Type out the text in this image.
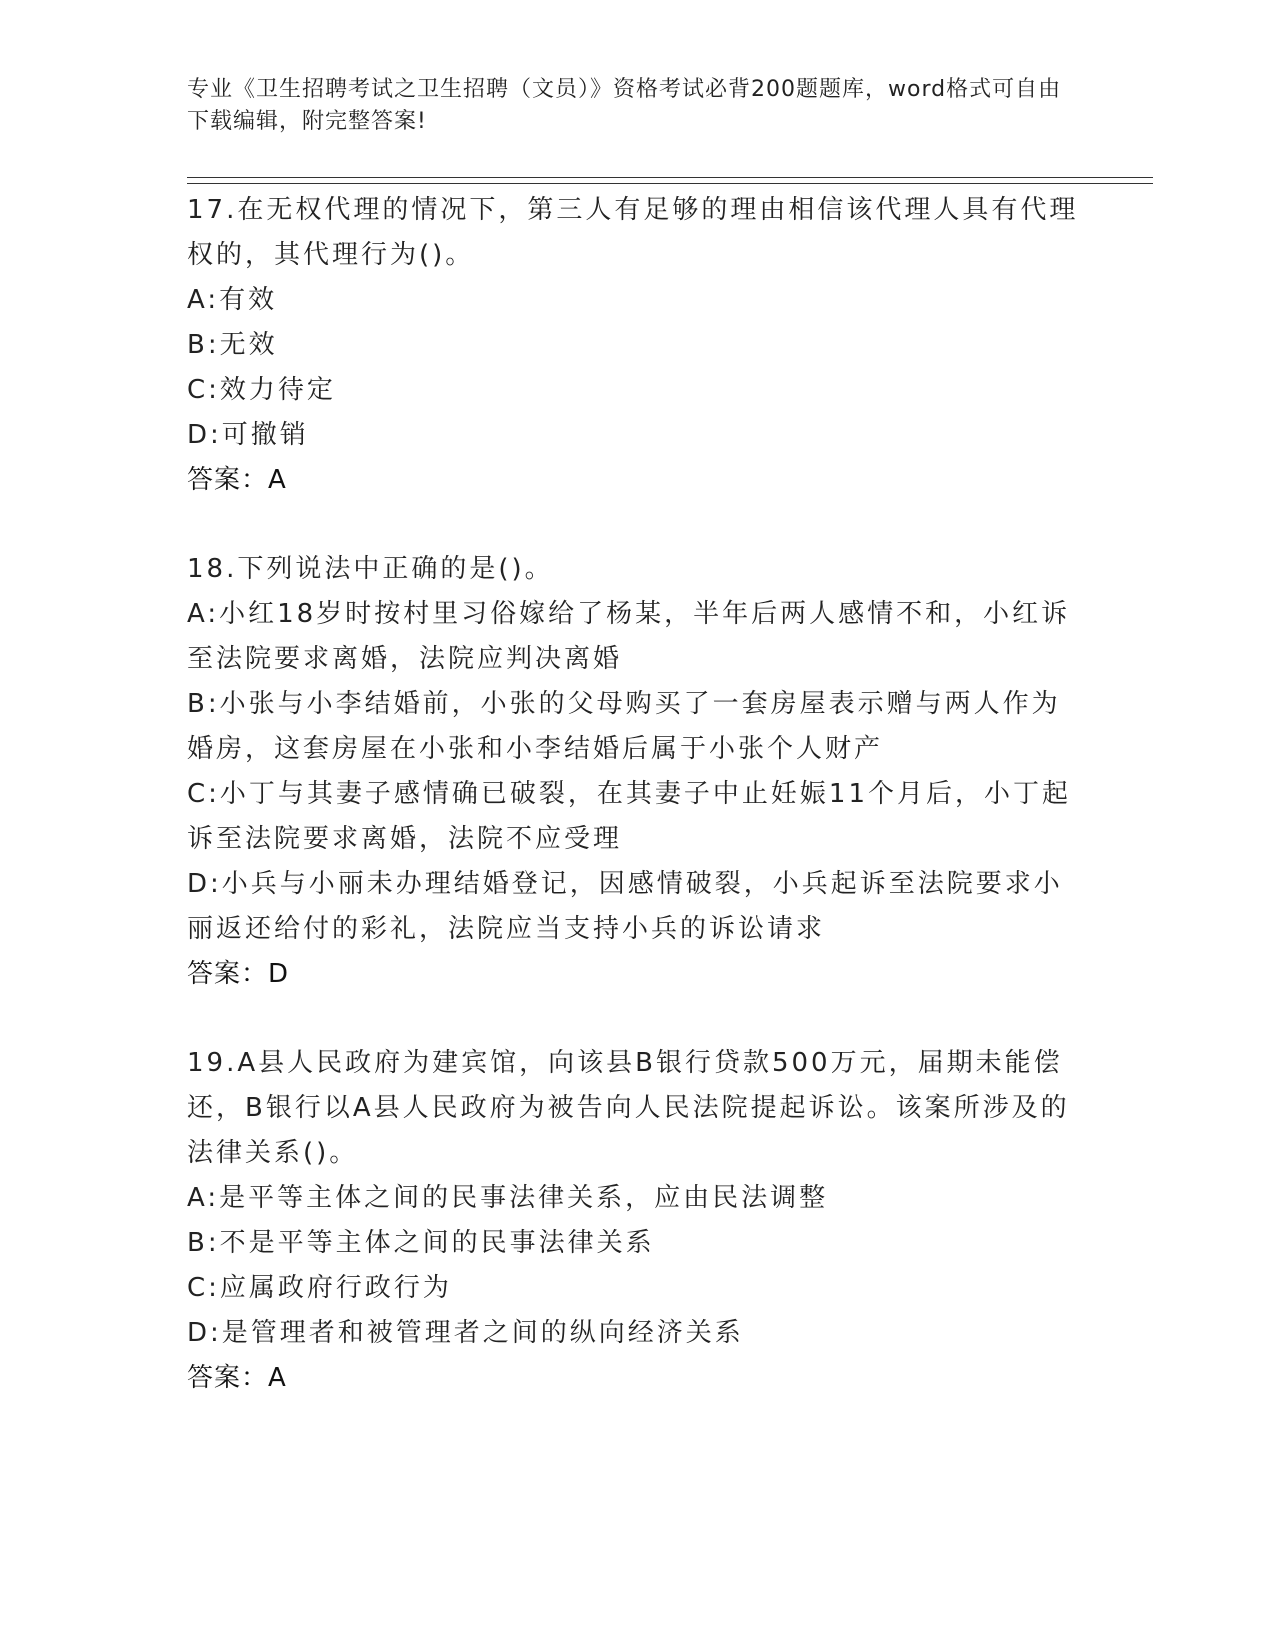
专业《卫生招聘考试之卫生招聘（文员）》资格考试必背200题题库，word格式可自由下载编辑，附完整答案!
17.在无权代理的情况下，第三人有足够的理由相信该代理人具有代理权的，其代理行为()。
A:有效
B:无效
C:效力待定
D:可撤销
答案：A
18.下列说法中正确的是()。
A:小红18岁时按村里习俗嫁给了杨某，半年后两人感情不和，小红诉至法院要求离婚，法院应判决离婚
B:小张与小李结婚前，小张的父母购买了一套房屋表示赠与两人作为婚房，这套房屋在小张和小李结婚后属于小张个人财产
C:小丁与其妻子感情确已破裂，在其妻子中止妊娠11个月后，小丁起诉至法院要求离婚，法院不应受理
D:小兵与小丽未办理结婚登记，因感情破裂，小兵起诉至法院要求小丽返还给付的彩礼，法院应当支持小兵的诉讼请求
答案：D
19.A县人民政府为建宾馆，向该县B银行贷款500万元，届期未能偿还，B银行以A县人民政府为被告向人民法院提起诉讼。该案所涉及的法律关系()。
A:是平等主体之间的民事法律关系，应由民法调整
B:不是平等主体之间的民事法律关系
C:应属政府行政行为
D:是管理者和被管理者之间的纵向经济关系
答案：A
